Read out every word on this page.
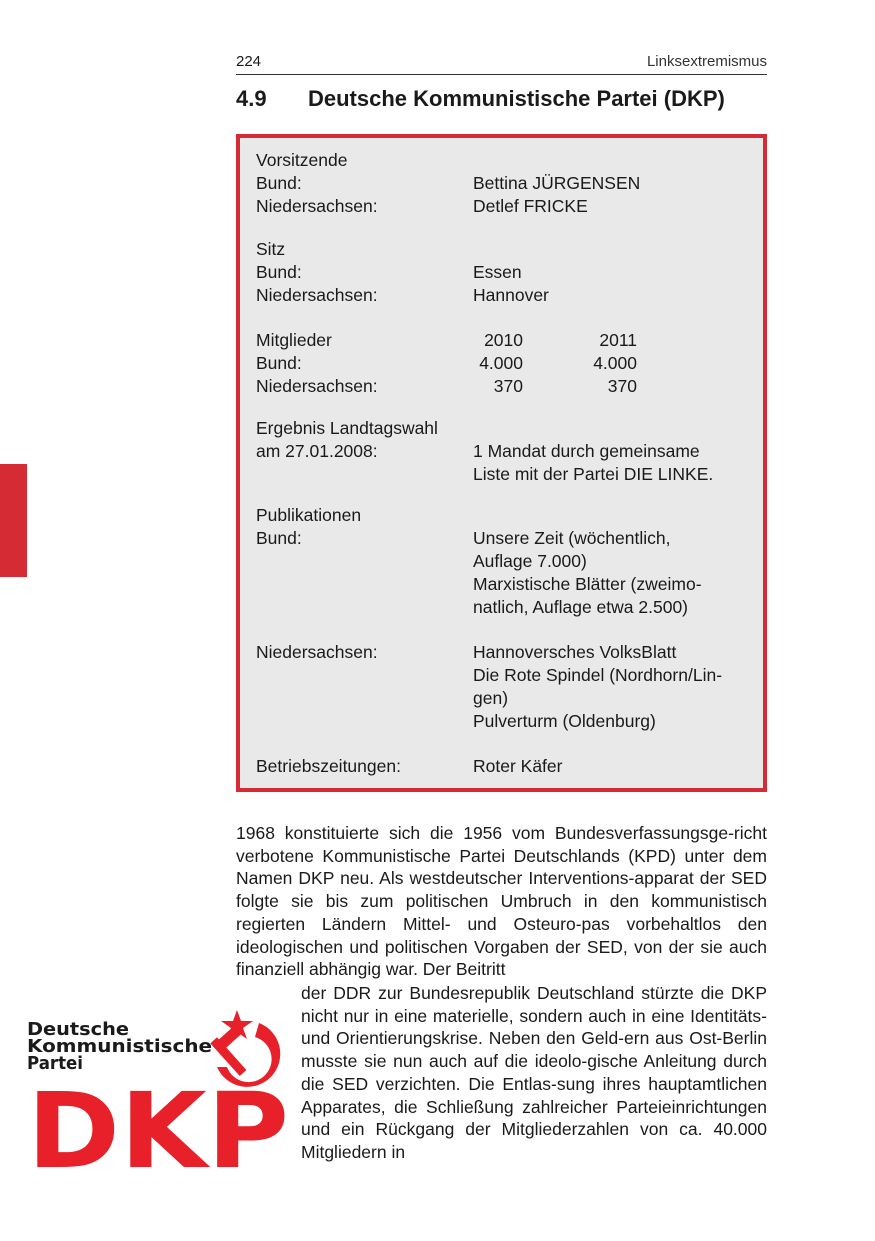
224	Linksextremismus
4.9 Deutsche Kommunistische Partei (DKP)
Vorsitzende
Bund:	Bettina JÜRGENSEN
Niedersachsen:	Detlef FRICKE
Sitz
Bund:	Essen
Niedersachsen:	Hannover
Mitglieder	2010	2011
Bund:	4.000	4.000
Niedersachsen:	370	370
Ergebnis Landtagswahl
am 27.01.2008:	1 Mandat durch gemeinsame
Liste mit der Partei DIE LINKE.
Publikationen
Bund:	Unsere Zeit (wöchentlich,
Auflage 7.000)
Marxistische Blätter (zweimo-
natlich, Auflage etwa 2.500)
Niedersachsen:	Hannoversches VolksBlatt
Die Rote Spindel (Nordhorn/Lin-
gen)
Pulverturm (Oldenburg)
Betriebszeitungen:	Roter Käfer
1968 konstituierte sich die 1956 vom Bundesverfassungsge-richt verbotene Kommunistische Partei Deutschlands (KPD) unter dem Namen DKP neu. Als westdeutscher Interventions-apparat der SED folgte sie bis zum politischen Umbruch in den kommunistisch regierten Ländern Mittel- und Osteuro-pas vorbehaltlos den ideologischen und politischen Vorgaben der SED, von der sie auch finanziell abhängig war. Der Beitritt
der DDR zur Bundesrepublik Deutschland stürzte die DKP nicht nur in eine materielle, sondern auch in eine Identitäts- und Orientierungskrise. Neben den Geld-ern aus Ost-Berlin musste sie nun auch auf die ideolo-gische Anleitung durch die SED verzichten. Die Entlas-sung ihres hauptamtlichen Apparates, die Schließung zahlreicher Parteieinrichtungen und ein Rückgang der Mitgliederzahlen von ca. 40.000 Mitgliedern in
Deutsche
Kommunistische
Partei
DKP
